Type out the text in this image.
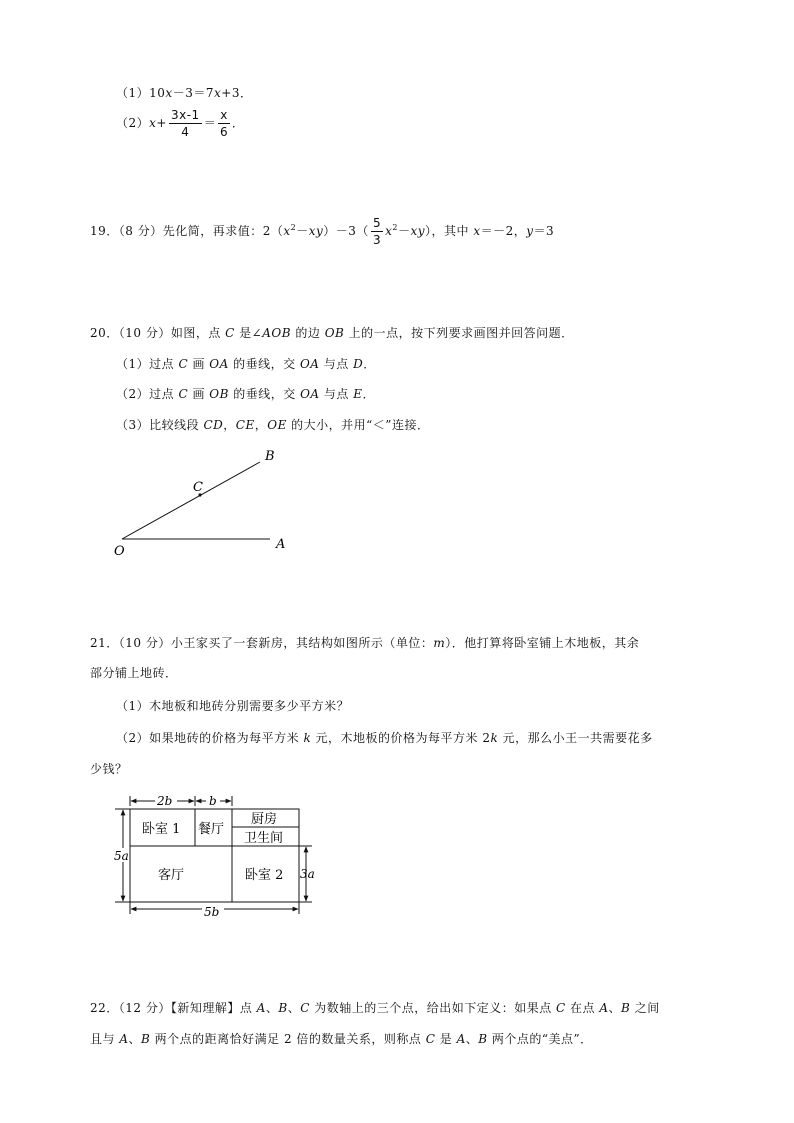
（1）10x－3＝7x+3．
$(2)x+ \frac{3x-1}{4} = \frac{x}{6}$ ．
19．（8 分）先化简，再求值：$2(x^2-xy)-3( \frac{5}{3} x^2-xy)$，其中 x＝－2，y＝3
20．（10 分）如图，点 C 是∠AOB 的边 OB 上的一点，按下列要求画图并回答问题．
（1）过点 C 画 OA 的垂线，交 OA 与点 D．
（2）过点 C 画 OB 的垂线，交 OA 与点 E．
（3）比较线段 CD，CE，OE 的大小，并用“＜”连接．
O	A
B
C
21．（10 分）小王家买了一套新房，其结构如图所示（单位：m）．他打算将卧室铺上木地板，其余
部分铺上地砖．
（1）木地板和地砖分别需要多少平方米？
（2）如果地砖的价格为每平方米 k 元，木地板的价格为每平方米 2k 元，那么小王一共需要花多
少钱？
2b	b
5a
3a
5b
卧室 1 餐厅
厨房
卫生间
客厅	卧室 2
22．（12 分）【新知理解】点 A、B、C 为数轴上的三个点，给出如下定义：如果点 C 在点 A、B 之间
且与 A、B 两个点的距离恰好满足 2 倍的数量关系，则称点 C 是 A、B 两个点的“美点”．
